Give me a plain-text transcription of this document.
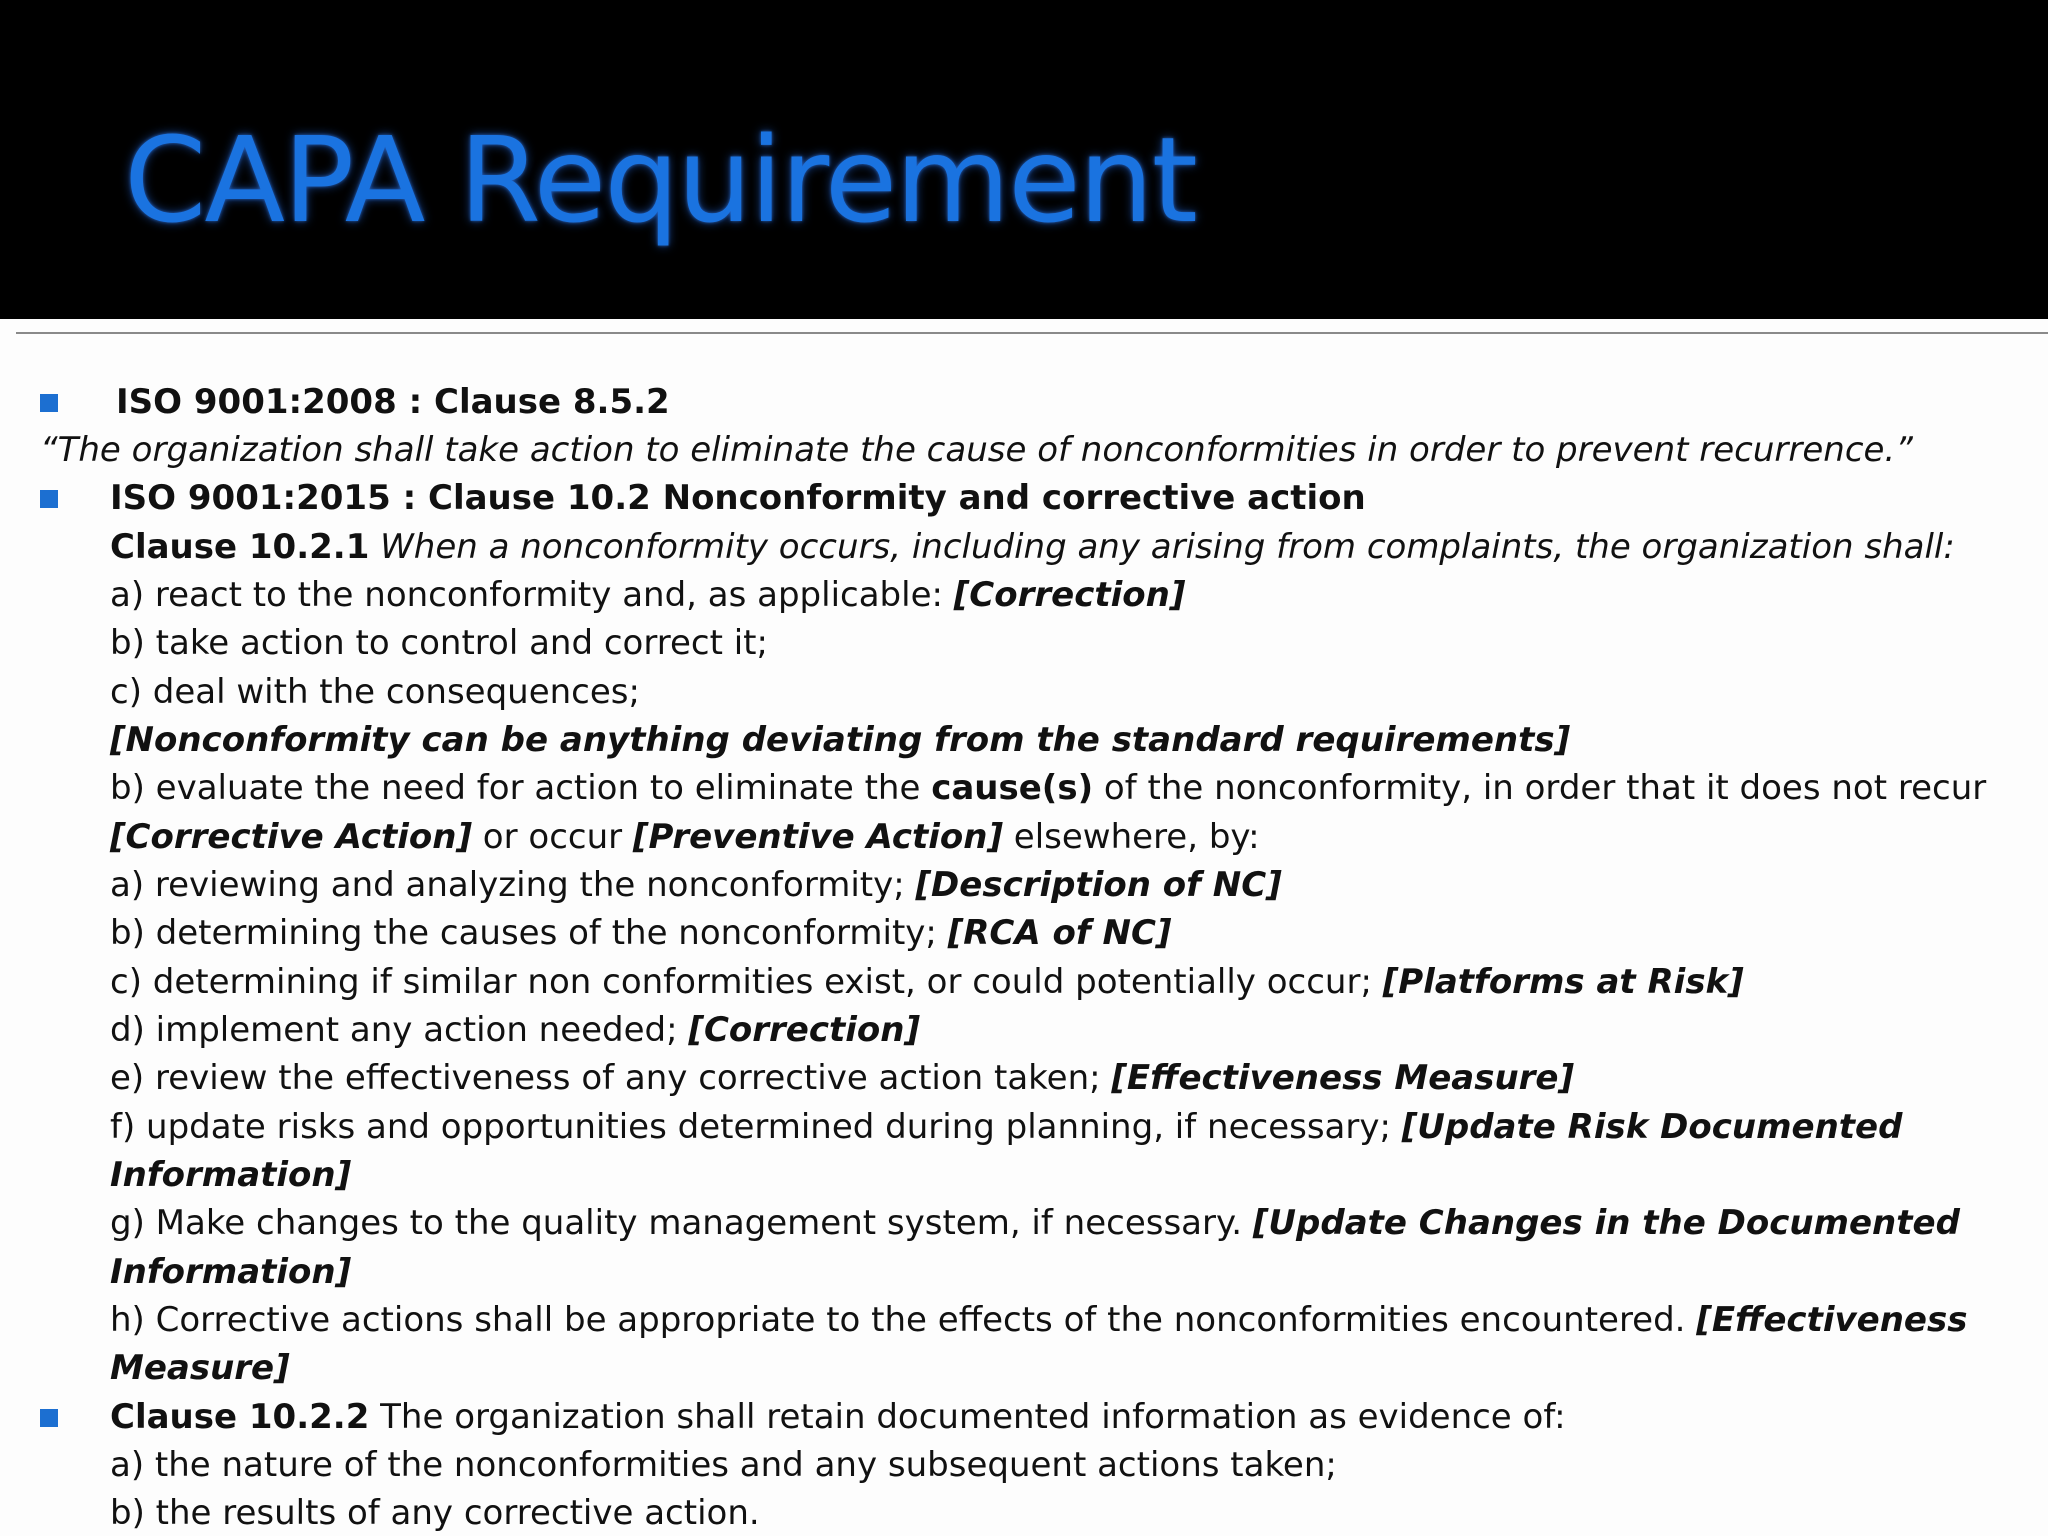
CAPA Requirement
ISO 9001:2008 : Clause 8.5.2
“The organization shall take action to eliminate the cause of nonconformities in order to prevent recurrence.”
ISO 9001:2015 : Clause 10.2 Nonconformity and corrective action
Clause 10.2.1 When a nonconformity occurs, including any arising from complaints, the organization shall:
a) react to the nonconformity and, as applicable: [Correction]
b) take action to control and correct it;
c) deal with the consequences;
[Nonconformity can be anything deviating from the standard requirements]
b) evaluate the need for action to eliminate the cause(s) of the nonconformity, in order that it does not recur
[Corrective Action] or occur [Preventive Action] elsewhere, by:
a) reviewing and analyzing the nonconformity; [Description of NC]
b) determining the causes of the nonconformity; [RCA of NC]
c) determining if similar non conformities exist, or could potentially occur; [Platforms at Risk]
d) implement any action needed; [Correction]
e) review the effectiveness of any corrective action taken; [Effectiveness Measure]
f) update risks and opportunities determined during planning, if necessary; [Update Risk Documented
Information]
g) Make changes to the quality management system, if necessary. [Update Changes in the Documented
Information]
h) Corrective actions shall be appropriate to the effects of the nonconformities encountered. [Effectiveness
Measure]
Clause 10.2.2 The organization shall retain documented information as evidence of:
a) the nature of the nonconformities and any subsequent actions taken;
b) the results of any corrective action.
